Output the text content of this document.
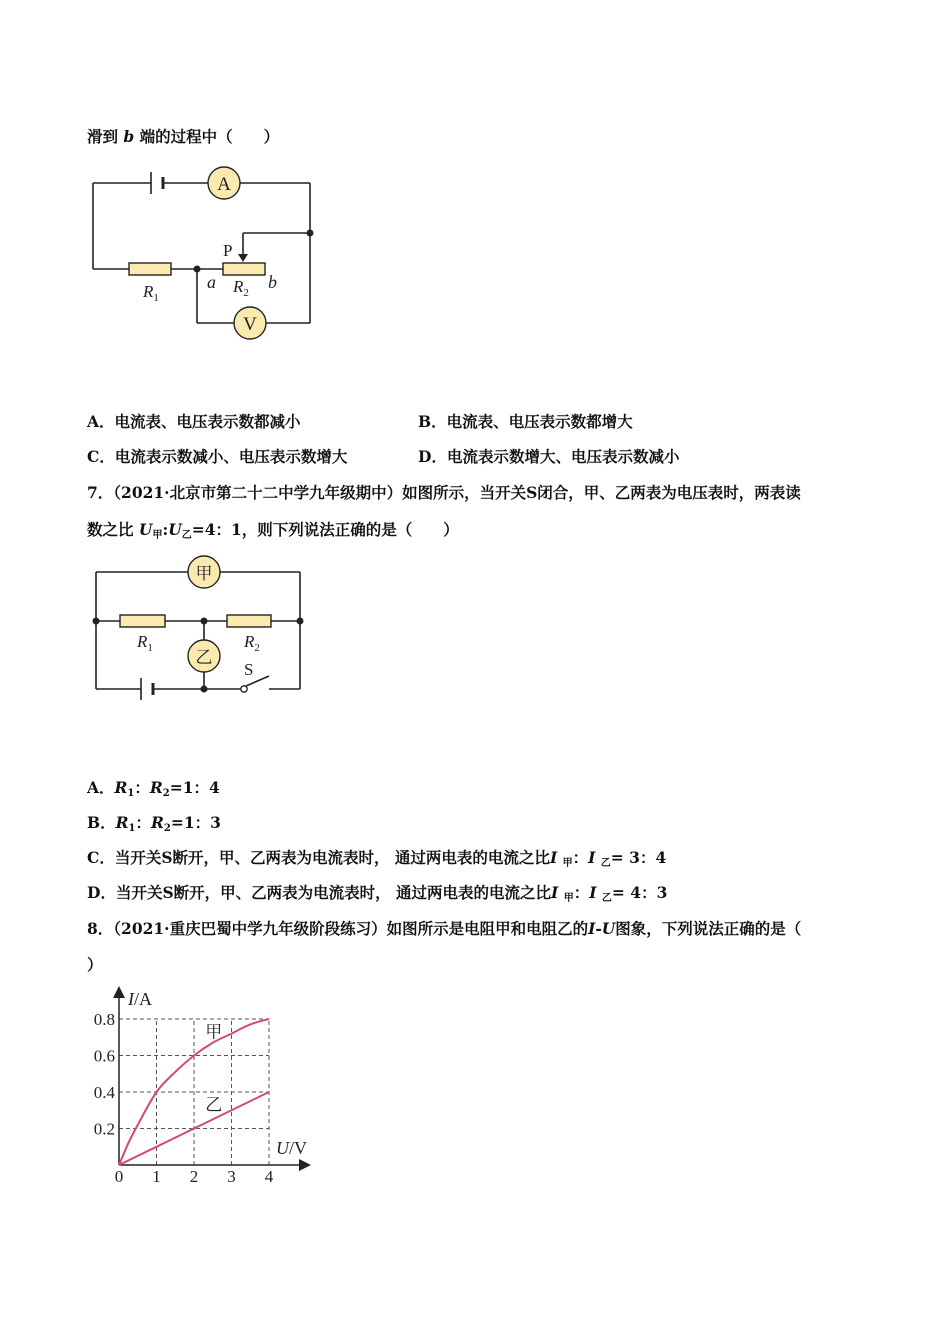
滑到 b 端的过程中（　　）
A
V
P
$R_1$
$R_2$
a	b
A．电流表、电压表示数都减小	B．电流表、电压表示数都增大
C．电流表示数减小、电压表示数增大	D．电流表示数增大、电压表示数减小
7．（2021·北京市第二十二中学九年级期中）如图所示，当开关S闭合，甲、乙两表为电压表时，两表读
数之比 $U_甲:U_乙=4$：1，则下列说法正确的是（　　）
甲
乙
$R_1$	$R_2$
S
A．$R_1$：$R_2=1$：4
B．$R_1$：$R_2=1$：3
C．当开关S断开，甲、乙两表为电流表时， 通过两电表的电流之比I $_甲$：I $_乙$= 3：4
D．当开关S断开，甲、乙两表为电流表时， 通过两电表的电流之比I $_甲$：I $_乙$= 4：3
8．（2021·重庆巴蜀中学九年级阶段练习）如图所示是电阻甲和电阻乙的I-U图象，下列说法正确的是（
）
0 1 2 3 4
0.2
0.4
0.6
0.8
甲
乙
I/A
U/V
